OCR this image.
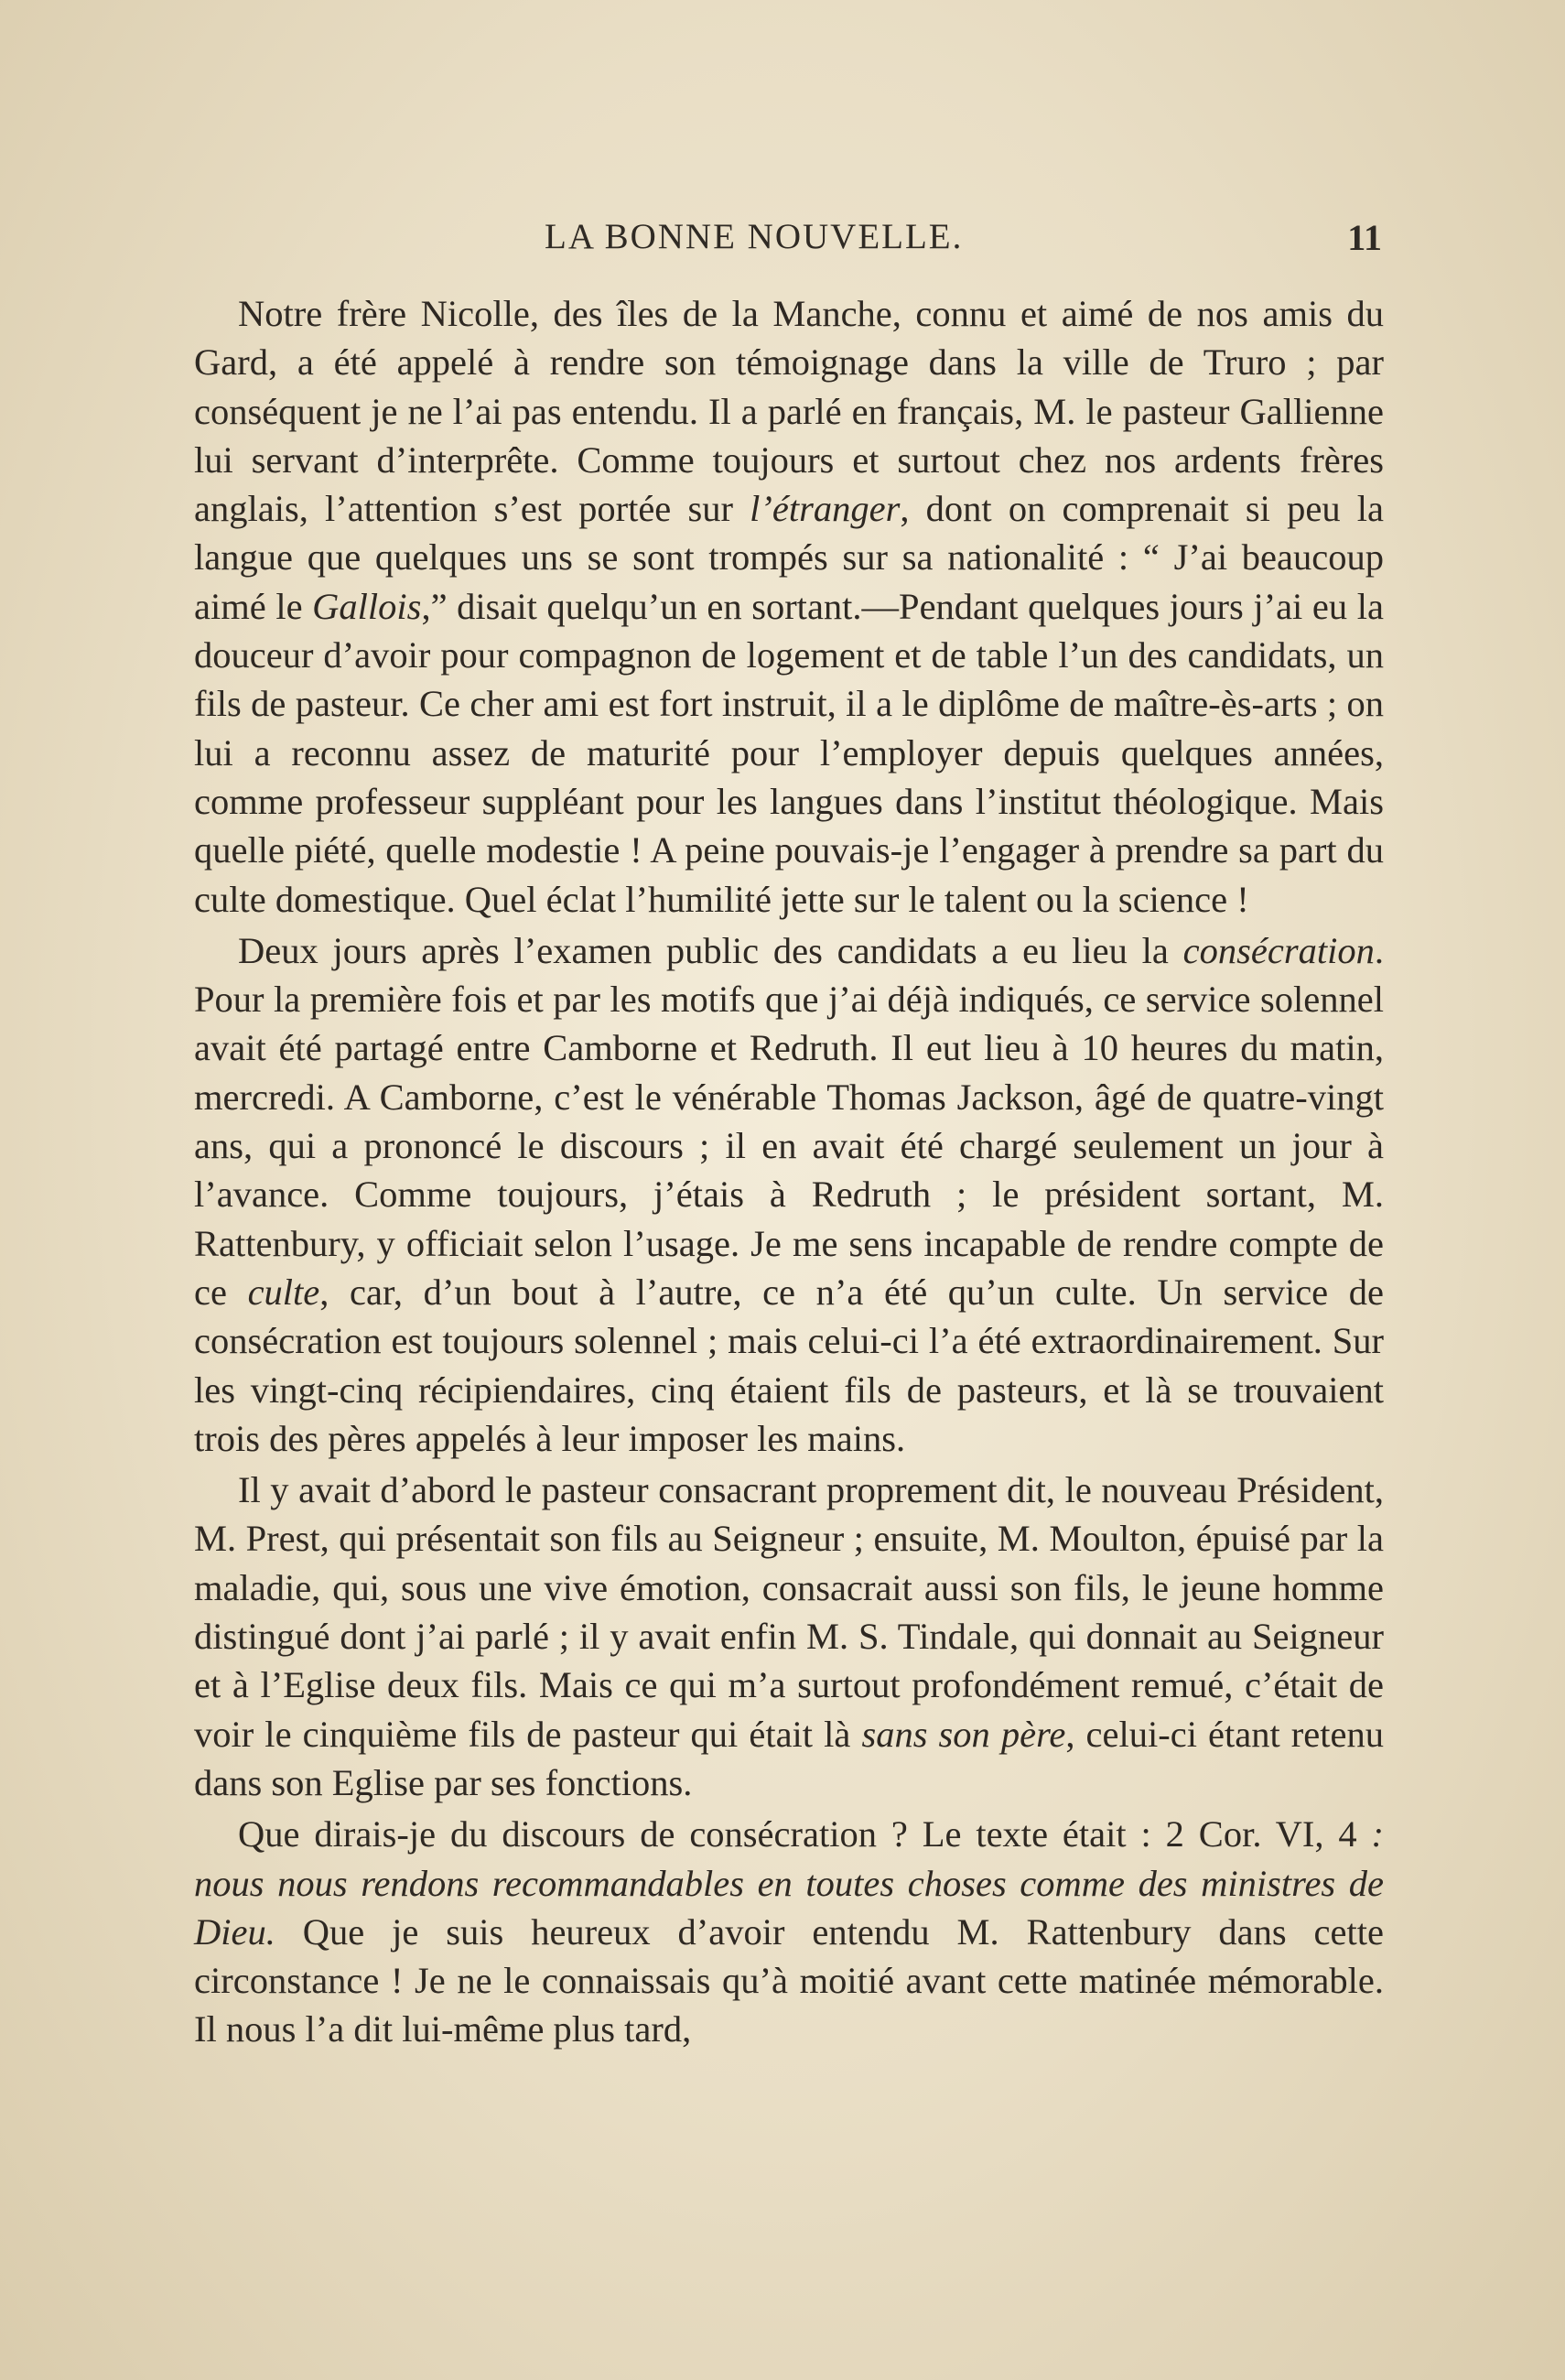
LA BONNE NOUVELLE.	11

Notre frère Nicolle, des îles de la Manche, connu et aimé de nos amis du Gard, a été appelé à rendre son témoignage dans la ville de Truro ; par conséquent je ne l’ai pas entendu. Il a parlé en français, M. le pasteur Gallienne lui servant d’interprête. Comme toujours et surtout chez nos ardents frères anglais, l’attention s’est portée sur l’étranger, dont on comprenait si peu la langue que quelques uns se sont trompés sur sa nationalité : “ J’ai beaucoup aimé le Gallois,” disait quelqu’un en sortant.—Pendant quelques jours j’ai eu la douceur d’avoir pour compagnon de logement et de table l’un des candidats, un fils de pasteur. Ce cher ami est fort instruit, il a le diplôme de maître-ès-arts ; on lui a reconnu assez de maturité pour l’employer depuis quelques années, comme professeur suppléant pour les langues dans l’institut théologique. Mais quelle piété, quelle modestie ! A peine pouvais-je l’engager à prendre sa part du culte domestique. Quel éclat l’humilité jette sur le talent ou la science !

Deux jours après l’examen public des candidats a eu lieu la consécration. Pour la première fois et par les motifs que j’ai déjà indiqués, ce service solennel avait été partagé entre Camborne et Redruth. Il eut lieu à 10 heures du matin, mercredi. A Camborne, c’est le vénérable Thomas Jackson, âgé de quatre-vingt ans, qui a prononcé le discours ; il en avait été chargé seulement un jour à l’avance. Comme toujours, j’étais à Redruth ; le président sortant, M. Rattenbury, y officiait selon l’usage. Je me sens incapable de rendre compte de ce culte, car, d’un bout à l’autre, ce n’a été qu’un culte. Un service de consécration est toujours solennel ; mais celui-ci l’a été extraordinairement. Sur les vingt-cinq récipiendaires, cinq étaient fils de pasteurs, et là se trouvaient trois des pères appelés à leur imposer les mains.

Il y avait d’abord le pasteur consacrant proprement dit, le nouveau Président, M. Prest, qui présentait son fils au Seigneur ; ensuite, M. Moulton, épuisé par la maladie, qui, sous une vive émotion, consacrait aussi son fils, le jeune homme distingué dont j’ai parlé ; il y avait enfin M. S. Tindale, qui donnait au Seigneur et à l’Eglise deux fils. Mais ce qui m’a surtout profondément remué, c’était de voir le cinquième fils de pasteur qui était là sans son père, celui-ci étant retenu dans son Eglise par ses fonctions.

Que dirais-je du discours de consécration ? Le texte était : 2 Cor. VI, 4 : nous nous rendons recommandables en toutes choses comme des ministres de Dieu. Que je suis heureux d’avoir entendu M. Rattenbury dans cette circonstance ! Je ne le connaissais qu’à moitié avant cette matinée mémorable. Il nous l’a dit lui-même plus tard,
